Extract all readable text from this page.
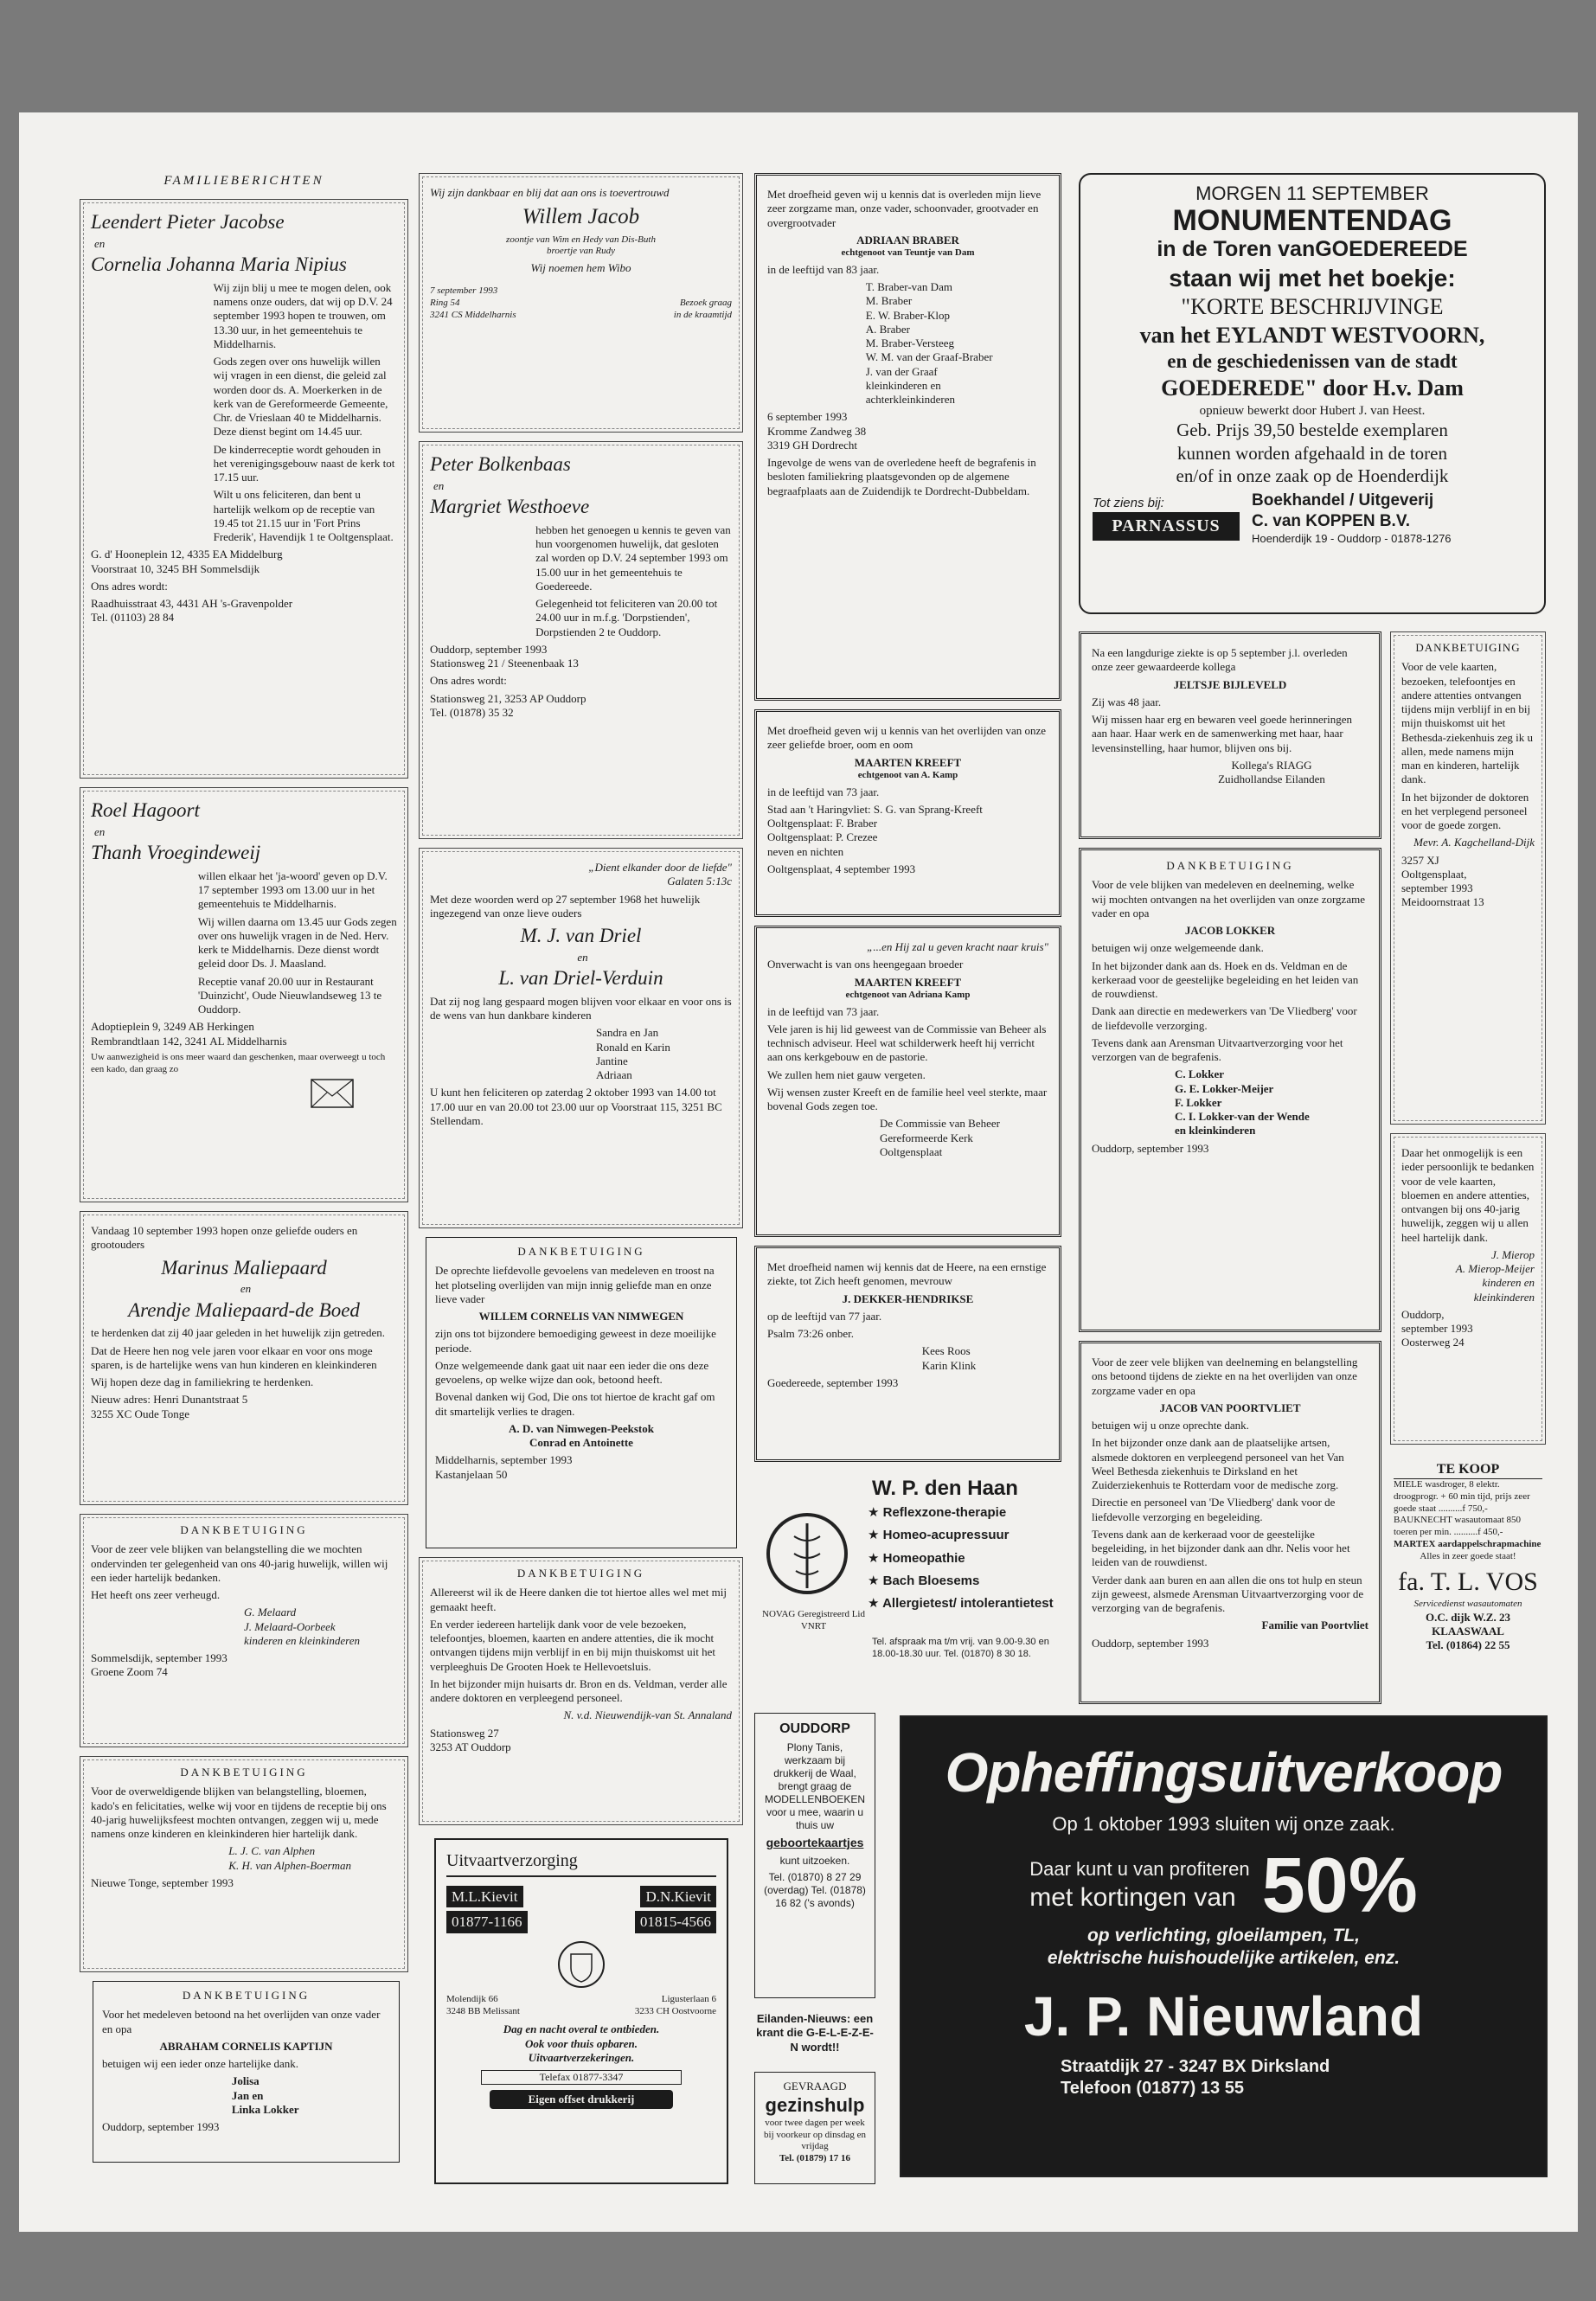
FAMILIEBERICHTEN
Leendert Pieter Jacobse
en
Cornelia Johanna Maria Nipius
Wij zijn blij u mee te mogen delen, ook namens onze ouders, dat wij op D.V. 24 september 1993 hopen te trouwen, om 13.30 uur, in het gemeentehuis te Middelharnis.
Gods zegen over ons huwelijk willen wij vragen in een dienst, die geleid zal worden door ds. A. Moerkerken in de kerk van de Gereformeerde Gemeente, Chr. de Vrieslaan 40 te Middelharnis. Deze dienst begint om 14.45 uur.
De kinderreceptie wordt gehouden in het verenigingsgebouw naast de kerk tot 17.15 uur.
Wilt u ons feliciteren, dan bent u hartelijk welkom op de receptie van 19.45 tot 21.15 uur in 'Fort Prins Frederik', Havendijk 1 te Ooltgensplaat.
G. d' Hooneplein 12, 4335 EA Middelburg
Voorstraat 10, 3245 BH Sommelsdijk
Ons adres wordt:
Raadhuisstraat 43, 4431 AH 's-Gravenpolder
Tel. (01103) 28 84
Roel Hagoort
en
Thanh Vroegindeweij
willen elkaar het 'ja-woord' geven op D.V. 17 september 1993 om 13.00 uur in het gemeentehuis te Middelharnis.
Wij willen daarna om 13.45 uur Gods zegen over ons huwelijk vragen in de Ned. Herv. kerk te Middelharnis. Deze dienst wordt geleid door Ds. J. Maasland.
Receptie vanaf 20.00 uur in Restaurant 'Duinzicht', Oude Nieuwlandseweg 13 te Ouddorp.
Adoptieplein 9, 3249 AB Herkingen
Rembrandtlaan 142, 3241 AL Middelharnis
Uw aanwezigheid is ons meer waard dan geschenken, maar overweegt u toch een kado, dan graag zo
Vandaag 10 september 1993 hopen onze geliefde ouders en grootouders
Marinus Maliepaard
en
Arendje Maliepaard-de Boed
te herdenken dat zij 40 jaar geleden in het huwelijk zijn getreden.
Dat de Heere hen nog vele jaren voor elkaar en voor ons moge sparen, is de hartelijke wens van hun kinderen en kleinkinderen
Wij hopen deze dag in familiekring te herdenken.
Nieuw adres: Henri Dunantstraat 5
3255 XC Oude Tonge
DANKBETUIGING
Voor de zeer vele blijken van belangstelling die we mochten ondervinden ter gelegenheid van ons 40-jarig huwelijk, willen wij een ieder hartelijk bedanken.
Het heeft ons zeer verheugd.
G. Melaard
J. Melaard-Oorbeek
kinderen en kleinkinderen
Sommelsdijk, september 1993
Groene Zoom 74
DANKBETUIGING
Voor de overweldigende blijken van belangstelling, bloemen, kado's en felicitaties, welke wij voor en tijdens de receptie bij ons 40-jarig huwelijksfeest mochten ontvangen, zeggen wij u, mede namens onze kinderen en kleinkinderen hier hartelijk dank.
L. J. C. van Alphen
K. H. van Alphen-Boerman
Nieuwe Tonge, september 1993
DANKBETUIGING
Voor het medeleven betoond na het overlijden van onze vader en opa
ABRAHAM CORNELIS KAPTIJN
betuigen wij een ieder onze hartelijke dank.
Jolisa
Jan en
Linka Lokker
Ouddorp, september 1993
Wij zijn dankbaar en blij dat aan ons is toevertrouwd
Willem Jacob
zoontje van Wim en Hedy van Dis-Buth
broertje van Rudy
Wij noemen hem Wibo
7 september 1993
Ring 54
3241 CS Middelharnis
Bezoek graag
in de kraamtijd
Peter Bolkenbaas
en
Margriet Westhoeve
hebben het genoegen u kennis te geven van hun voorgenomen huwelijk, dat gesloten zal worden op D.V. 24 september 1993 om 15.00 uur in het gemeentehuis te Goedereede.
Gelegenheid tot feliciteren van 20.00 tot 24.00 uur in m.f.g. 'Dorpstienden', Dorpstienden 2 te Ouddorp.
Ouddorp, september 1993
Stationsweg 21 / Steenenbaak 13
Ons adres wordt:
Stationsweg 21, 3253 AP Ouddorp
Tel. (01878) 35 32
„Dient elkander door de liefde"
Galaten 5:13c
Met deze woorden werd op 27 september 1968 het huwelijk ingezegend van onze lieve ouders
M. J. van Driel
en
L. van Driel-Verduin
Dat zij nog lang gespaard mogen blijven voor elkaar en voor ons is de wens van hun dankbare kinderen
Sandra en Jan
Ronald en Karin
Jantine
Adriaan
U kunt hen feliciteren op zaterdag 2 oktober 1993 van 14.00 tot 17.00 uur en van 20.00 tot 23.00 uur op Voorstraat 115, 3251 BC Stellendam.
DANKBETUIGING
De oprechte liefdevolle gevoelens van medeleven en troost na het plotseling overlijden van mijn innig geliefde man en onze lieve vader
WILLEM CORNELIS VAN NIMWEGEN
zijn ons tot bijzondere bemoediging geweest in deze moeilijke periode.
Onze welgemeende dank gaat uit naar een ieder die ons deze gevoelens, op welke wijze dan ook, betoond heeft.
Bovenal danken wij God, Die ons tot hiertoe de kracht gaf om dit smartelijk verlies te dragen.
A. D. van Nimwegen-Peekstok
Conrad en Antoinette
Middelharnis, september 1993
Kastanjelaan 50
DANKBETUIGING
Allereerst wil ik de Heere danken die tot hiertoe alles wel met mij gemaakt heeft.
En verder iedereen hartelijk dank voor de vele bezoeken, telefoontjes, bloemen, kaarten en andere attenties, die ik mocht ontvangen tijdens mijn verblijf in en bij mijn thuiskomst uit het verpleeghuis De Grooten Hoek te Hellevoetsluis.
In het bijzonder mijn huisarts dr. Bron en ds. Veldman, verder alle andere doktoren en verpleegend personeel.
N. v.d. Nieuwendijk-van St. Annaland
Stationsweg 27
3253 AT Ouddorp
Uitvaartverzorging
M.L.Kievit	D.N.Kievit
01877-1166	01815-4566
Molendijk 66
3248 BB Melissant
Ligusterlaan 6
3233 CH Oostvoorne
Dag en nacht overal te ontbieden.
Ook voor thuis opbaren.
Uitvaartverzekeringen.
Telefax 01877-3347
Eigen offset drukkerij
Met droefheid geven wij u kennis dat is overleden mijn lieve zeer zorgzame man, onze vader, schoonvader, grootvader en overgrootvader
ADRIAAN BRABER
echtgenoot van Teuntje van Dam
in de leeftijd van 83 jaar.
T. Braber-van Dam
M. Braber
E. W. Braber-Klop
A. Braber
M. Braber-Versteeg
W. M. van der Graaf-Braber
J. van der Graaf
kleinkinderen en
achterkleinkinderen
6 september 1993
Kromme Zandweg 38
3319 GH Dordrecht
Ingevolge de wens van de overledene heeft de begrafenis in besloten familiekring plaatsgevonden op de algemene begraafplaats aan de Zuidendijk te Dordrecht-Dubbeldam.
Met droefheid geven wij u kennis van het overlijden van onze zeer geliefde broer, oom en oom
MAARTEN KREEFT
echtgenoot van A. Kamp
in de leeftijd van 73 jaar.
Stad aan 't Haringvliet: S. G. van Sprang-Kreeft
Ooltgensplaat: F. Braber
Ooltgensplaat: P. Crezee
neven en nichten
Ooltgensplaat, 4 september 1993
„...en Hij zal u geven kracht naar kruis"
Onverwacht is van ons heengegaan broeder
MAARTEN KREEFT
echtgenoot van Adriana Kamp
in de leeftijd van 73 jaar.
Vele jaren is hij lid geweest van de Commissie van Beheer als technisch adviseur. Heel wat schilderwerk heeft hij verricht aan ons kerkgebouw en de pastorie.
We zullen hem niet gauw vergeten.
Wij wensen zuster Kreeft en de familie heel veel sterkte, maar bovenal Gods zegen toe.
De Commissie van Beheer
Gereformeerde Kerk
Ooltgensplaat
Met droefheid namen wij kennis dat de Heere, na een ernstige ziekte, tot Zich heeft genomen, mevrouw
J. DEKKER-HENDRIKSE
op de leeftijd van 77 jaar.
Psalm 73:26 onber.
Kees Roos
Karin Klink
Goedereede, september 1993
W. P. den Haan
NOVAG Geregistreerd Lid VNRT
★ Reflexzone-therapie
★ Homeo-acupressuur
★ Homeopathie
★ Bach Bloesems
★ Allergietest/ intolerantietest
Tel. afspraak ma t/m vrij. van 9.00-9.30 en 18.00-18.30 uur. Tel. (01870) 8 30 18.
OUDDORP
Plony Tanis, werkzaam bij drukkerij de Waal, brengt graag de MODELLENBOEKEN voor u mee, waarin u thuis uw
geboortekaartjes
kunt uitzoeken.
Tel. (01870) 8 27 29 (overdag) Tel. (01878) 16 82 ('s avonds)
Eilanden-Nieuws: een krant die G-E-L-E-Z-E-N wordt!!
GEVRAAGD
gezinshulp
voor twee dagen per week bij voorkeur op dinsdag en vrijdag
Tel. (01879) 17 16
MORGEN 11 SEPTEMBER
MONUMENTENDAG
in de Toren vanGOEDEREEDE
staan wij met het boekje:
"KORTE BESCHRIJVINGE
van het EYLANDT WESTVOORN,
en de geschiedenissen van de stadt
GOEDEREDE" door H.v. Dam
opnieuw bewerkt door Hubert J. van Heest.
Geb. Prijs 39,50 bestelde exemplaren
kunnen worden afgehaald in de toren
en/of in onze zaak op de Hoenderdijk
Tot ziens bij:
PARNASSUS
Boekhandel / Uitgeverij
C. van KOPPEN B.V.
Hoenderdijk 19 - Ouddorp - 01878-1276
Na een langdurige ziekte is op 5 september j.l. overleden onze zeer gewaardeerde kollega
JELTSJE BIJLEVELD
Zij was 48 jaar.
Wij missen haar erg en bewaren veel goede herinneringen aan haar. Haar werk en de samenwerking met haar, haar levensinstelling, haar humor, blijven ons bij.
Kollega's RIAGG
Zuidhollandse Eilanden
DANKBETUIGING
Voor de vele blijken van medeleven en deelneming, welke wij mochten ontvangen na het overlijden van onze zorgzame vader en opa
JACOB LOKKER
betuigen wij onze welgemeende dank.
In het bijzonder dank aan ds. Hoek en ds. Veldman en de kerkeraad voor de geestelijke begeleiding en het leiden van de rouwdienst.
Dank aan directie en medewerkers van 'De Vliedberg' voor de liefdevolle verzorging.
Tevens dank aan Arensman Uitvaartverzorging voor het verzorgen van de begrafenis.
C. Lokker
G. E. Lokker-Meijer
F. Lokker
C. I. Lokker-van der Wende
en kleinkinderen
Ouddorp, september 1993
Voor de zeer vele blijken van deelneming en belangstelling ons betoond tijdens de ziekte en na het overlijden van onze zorgzame vader en opa
JACOB VAN POORTVLIET
betuigen wij u onze oprechte dank.
In het bijzonder onze dank aan de plaatselijke artsen, alsmede doktoren en verpleegend personeel van het Van Weel Bethesda ziekenhuis te Dirksland en het Zuiderziekenhuis te Rotterdam voor de medische zorg.
Directie en personeel van 'De Vliedberg' dank voor de liefdevolle verzorging en begeleiding.
Tevens dank aan de kerkeraad voor de geestelijke begeleiding, in het bijzonder dank aan dhr. Nelis voor het leiden van de rouwdienst.
Verder dank aan buren en aan allen die ons tot hulp en steun zijn geweest, alsmede Arensman Uitvaartverzorging voor de verzorging van de begrafenis.
Familie van Poortvliet
Ouddorp, september 1993
DANKBETUIGING
Voor de vele kaarten, bezoeken, telefoontjes en andere attenties ontvangen tijdens mijn verblijf in en bij mijn thuiskomst uit het Bethesda-ziekenhuis zeg ik u allen, mede namens mijn man en kinderen, hartelijk dank.
In het bijzonder de doktoren en het verplegend personeel voor de goede zorgen.
Mevr. A. Kagchelland-Dijk
3257 XJ
Ooltgensplaat,
september 1993
Meidoornstraat 13
Daar het onmogelijk is een ieder persoonlijk te bedanken voor de vele kaarten, bloemen en andere attenties, ontvangen bij ons 40-jarig huwelijk, zeggen wij u allen heel hartelijk dank.
J. Mierop
A. Mierop-Meijer
kinderen en
kleinkinderen
Ouddorp,
september 1993
Oosterweg 24
TE KOOP
MIELE wasdroger, 8 elektr. droogprogr. + 60 min tijd, prijs zeer goede staat ..........f 750,-
BAUKNECHT wasautomaat 850 toeren per min. ..........f 450,-
MARTEX aardappelschrapmachine
Alles in zeer goede staat!
fa. T. L. VOS
Servicedienst wasautomaten
O.C. dijk W.Z. 23
KLAASWAAL
Tel. (01864) 22 55
Opheffingsuitverkoop
Op 1 oktober 1993 sluiten wij onze zaak.
Daar kunt u van profiteren
met kortingen van 50%
op verlichting, gloeilampen, TL,
elektrische huishoudelijke artikelen, enz.
J. P. Nieuwland
Straatdijk 27 - 3247 BX Dirksland
Telefoon (01877) 13 55
